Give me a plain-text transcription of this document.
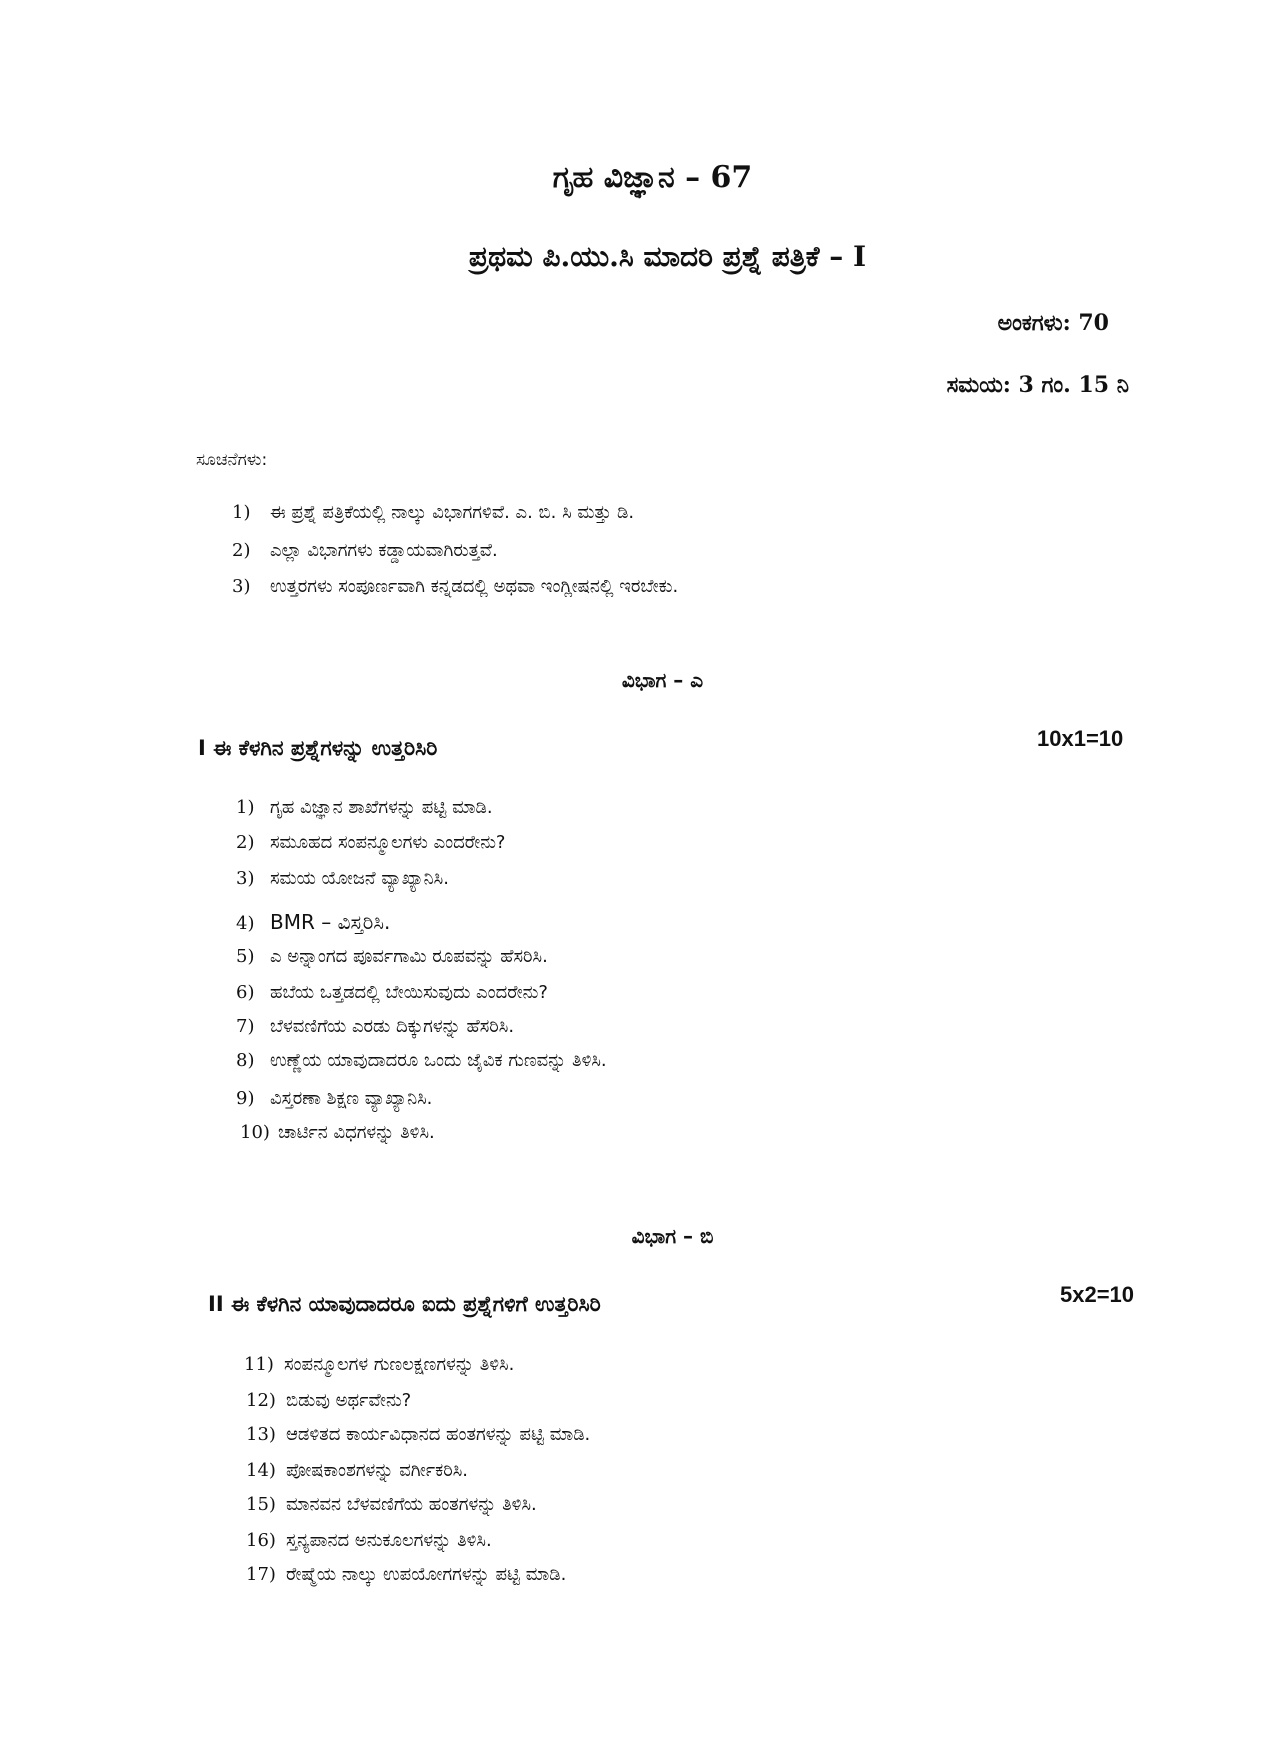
ಗೃಹ ವಿಜ್ಞಾನ – 67
ಪ್ರಥಮ ಪಿ.ಯು.ಸಿ ಮಾದರಿ ಪ್ರಶ್ನೆ ಪತ್ರಿಕೆ – I
ಅಂಕಗಳು: 70
ಸಮಯ: 3 ಗಂ. 15 ನಿ
ಸೂಚನೆಗಳು:
1) ಈ ಪ್ರಶ್ನೆ ಪತ್ರಿಕೆಯಲ್ಲಿ ನಾಲ್ಕು ವಿಭಾಗಗಳಿವೆ. ಎ. ಬಿ. ಸಿ ಮತ್ತು ಡಿ.
2) ಎಲ್ಲಾ ವಿಭಾಗಗಳು ಕಡ್ಡಾಯವಾಗಿರುತ್ತವೆ.
3) ಉತ್ತರಗಳು ಸಂಪೂರ್ಣವಾಗಿ ಕನ್ನಡದಲ್ಲಿ ಅಥವಾ ಇಂಗ್ಲೀಷನಲ್ಲಿ ಇರಬೇಕು.
ವಿಭಾಗ – ಎ
I ಈ ಕೆಳಗಿನ ಪ್ರಶ್ನೆಗಳನ್ನು ಉತ್ತರಿಸಿರಿ	10x1=10
1) ಗೃಹ ವಿಜ್ಞಾನ ಶಾಖೆಗಳನ್ನು ಪಟ್ಟಿ ಮಾಡಿ.
2) ಸಮೂಹದ ಸಂಪನ್ಮೂಲಗಳು ಎಂದರೇನು?
3) ಸಮಯ ಯೋಜನೆ ವ್ಯಾಖ್ಯಾನಿಸಿ.
4) BMR – ವಿಸ್ತರಿಸಿ.
5) ಎ ಅನ್ನಾಂಗದ ಪೂರ್ವಗಾಮಿ ರೂಪವನ್ನು ಹೆಸರಿಸಿ.
6) ಹಬೆಯ ಒತ್ತಡದಲ್ಲಿ ಬೇಯಿಸುವುದು ಎಂದರೇನು?
7) ಬೆಳವಣಿಗೆಯ ಎರಡು ದಿಕ್ಕುಗಳನ್ನು ಹೆಸರಿಸಿ.
8) ಉಣ್ಣೆಯ ಯಾವುದಾದರೂ ಒಂದು ಜೈವಿಕ ಗುಣವನ್ನು ತಿಳಿಸಿ.
9) ವಿಸ್ತರಣಾ ಶಿಕ್ಷಣ ವ್ಯಾಖ್ಯಾನಿಸಿ.
10) ಚಾರ್ಟಿನ ವಿಧಗಳನ್ನು ತಿಳಿಸಿ.
ವಿಭಾಗ – ಬಿ
II ಈ ಕೆಳಗಿನ ಯಾವುದಾದರೂ ಐದು ಪ್ರಶ್ನೆಗಳಿಗೆ ಉತ್ತರಿಸಿರಿ	5x2=10
11) ಸಂಪನ್ಮೂಲಗಳ ಗುಣಲಕ್ಷಣಗಳನ್ನು ತಿಳಿಸಿ.
12) ಬಿಡುವು ಅರ್ಥವೇನು?
13) ಆಡಳಿತದ ಕಾರ್ಯವಿಧಾನದ ಹಂತಗಳನ್ನು ಪಟ್ಟಿ ಮಾಡಿ.
14) ಪೋಷಕಾಂಶಗಳನ್ನು ವರ್ಗೀಕರಿಸಿ.
15) ಮಾನವನ ಬೆಳವಣಿಗೆಯ ಹಂತಗಳನ್ನು ತಿಳಿಸಿ.
16) ಸ್ತನ್ಯಪಾನದ ಅನುಕೂಲಗಳನ್ನು ತಿಳಿಸಿ.
17) ರೇಷ್ಮೆಯ ನಾಲ್ಕು ಉಪಯೋಗಗಳನ್ನು ಪಟ್ಟಿ ಮಾಡಿ.
